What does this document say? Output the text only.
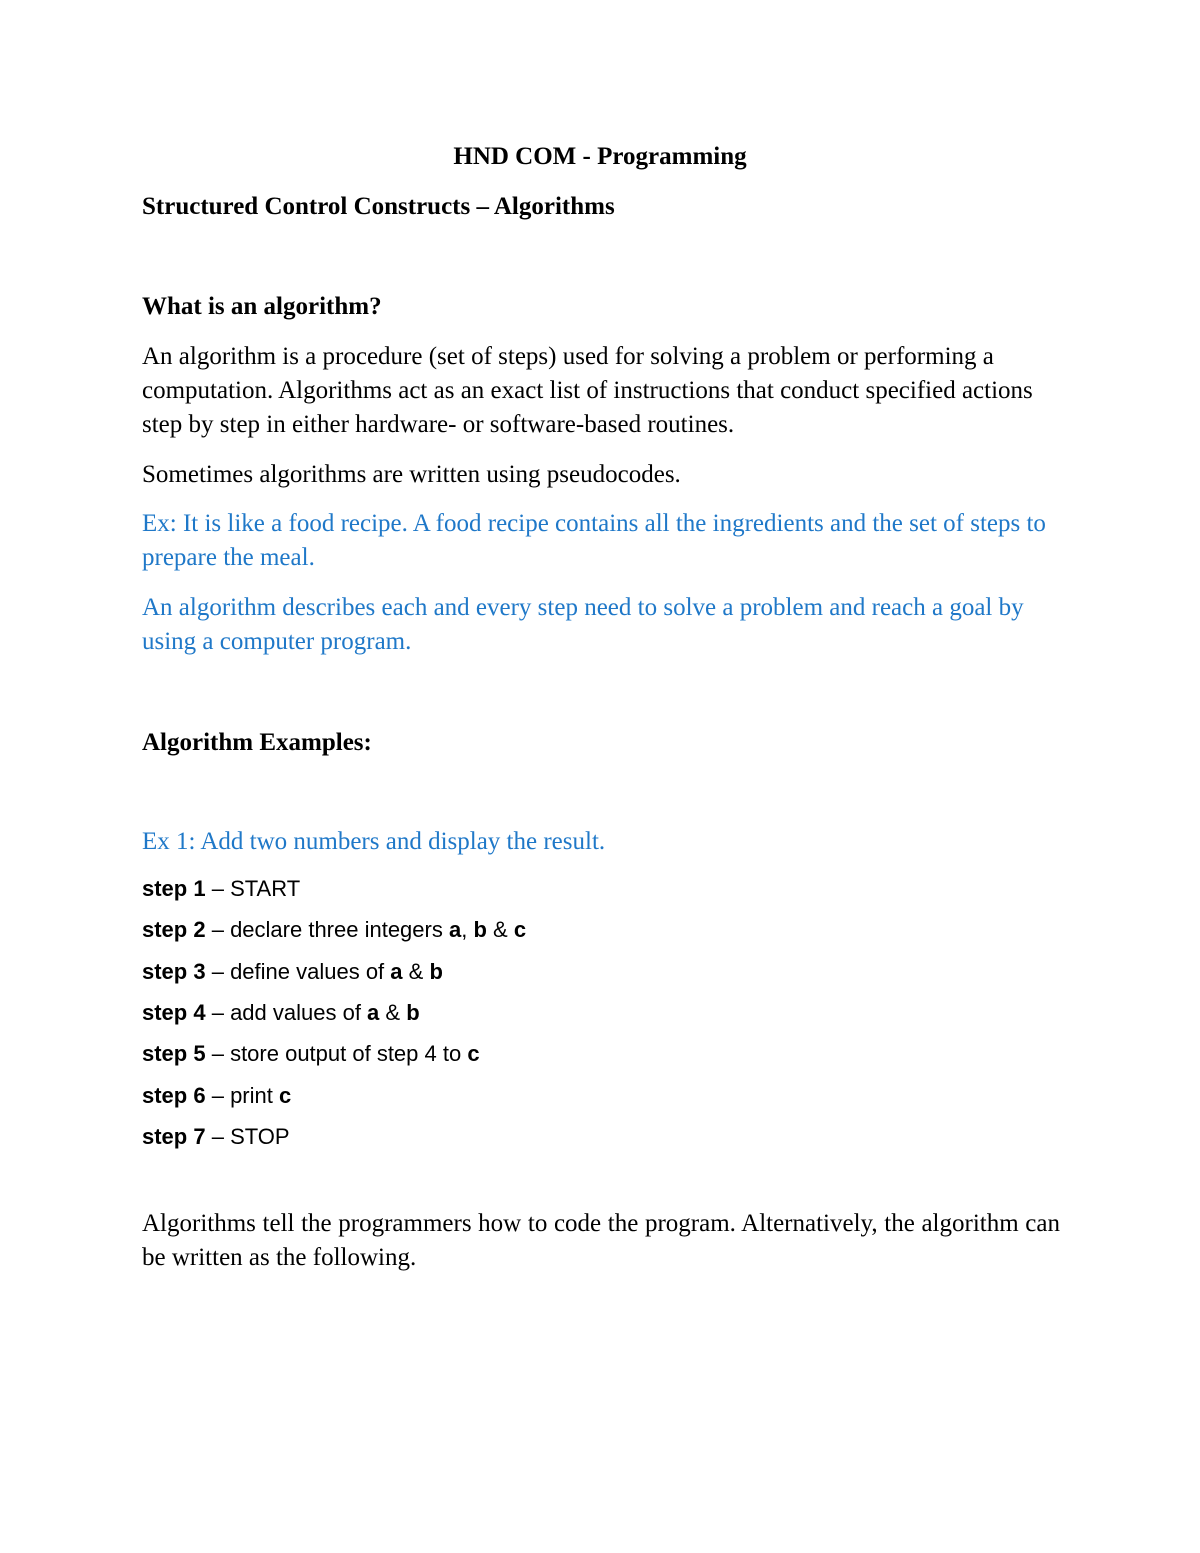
HND COM - Programming

Structured Control Constructs – Algorithms

What is an algorithm?

An algorithm is a procedure (set of steps) used for solving a problem or performing a computation. Algorithms act as an exact list of instructions that conduct specified actions step by step in either hardware- or software-based routines.

Sometimes algorithms are written using pseudocodes.

Ex: It is like a food recipe. A food recipe contains all the ingredients and the set of steps to prepare the meal.

An algorithm describes each and every step need to solve a problem and reach a goal by using a computer program.

Algorithm Examples:

Ex 1: Add two numbers and display the result.

step 1 – START

step 2 – declare three integers a, b & c

step 3 – define values of a & b

step 4 – add values of a & b

step 5 – store output of step 4 to c

step 6 – print c

step 7 – STOP

Algorithms tell the programmers how to code the program. Alternatively, the algorithm can be written as the following.
